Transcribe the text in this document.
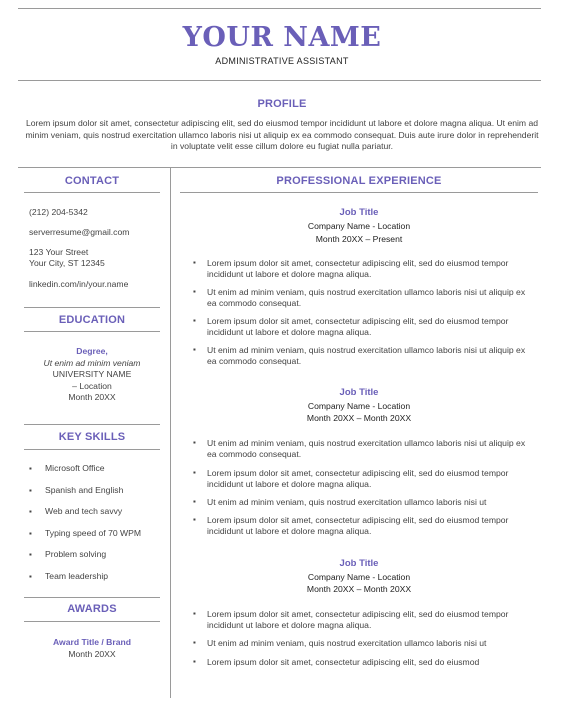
YOUR NAME
ADMINISTRATIVE ASSISTANT
PROFILE
Lorem ipsum dolor sit amet, consectetur adipiscing elit, sed do eiusmod tempor incididunt ut labore et dolore magna aliqua. Ut enim ad minim veniam, quis nostrud exercitation ullamco laboris nisi ut aliquip ex ea commodo consequat. Duis aute irure dolor in reprehenderit in voluptate velit esse cillum dolore eu fugiat nulla pariatur.
CONTACT
(212) 204-5342
serverresume@gmail.com
123 Your Street
Your City, ST 12345
linkedin.com/in/your.name
EDUCATION
Degree,
Ut enim ad minim veniam
UNIVERSITY NAME
– Location
Month 20XX
KEY SKILLS
▪ Microsoft Office
▪ Spanish and English
▪ Web and tech savvy
▪ Typing speed of 70 WPM
▪ Problem solving
▪ Team leadership
AWARDS
Award Title / Brand
Month 20XX
PROFESSIONAL EXPERIENCE
Job Title
Company Name - Location
Month 20XX – Present
▪ Lorem ipsum dolor sit amet, consectetur adipiscing elit, sed do eiusmod tempor incididunt ut labore et dolore magna aliqua.
▪ Ut enim ad minim veniam, quis nostrud exercitation ullamco laboris nisi ut aliquip ex ea commodo consequat.
▪ Lorem ipsum dolor sit amet, consectetur adipiscing elit, sed do eiusmod tempor incididunt ut labore et dolore magna aliqua.
▪ Ut enim ad minim veniam, quis nostrud exercitation ullamco laboris nisi ut aliquip ex ea commodo consequat.
Job Title
Company Name - Location
Month 20XX – Month 20XX
▪ Ut enim ad minim veniam, quis nostrud exercitation ullamco laboris nisi ut aliquip ex ea commodo consequat.
▪ Lorem ipsum dolor sit amet, consectetur adipiscing elit, sed do eiusmod tempor incididunt ut labore et dolore magna aliqua.
▪ Ut enim ad minim veniam, quis nostrud exercitation ullamco laboris nisi ut
▪ Lorem ipsum dolor sit amet, consectetur adipiscing elit, sed do eiusmod tempor incididunt ut labore et dolore magna aliqua.
Job Title
Company Name - Location
Month 20XX – Month 20XX
▪ Lorem ipsum dolor sit amet, consectetur adipiscing elit, sed do eiusmod tempor incididunt ut labore et dolore magna aliqua.
▪ Ut enim ad minim veniam, quis nostrud exercitation ullamco laboris nisi ut
▪ Lorem ipsum dolor sit amet, consectetur adipiscing elit, sed do eiusmod
